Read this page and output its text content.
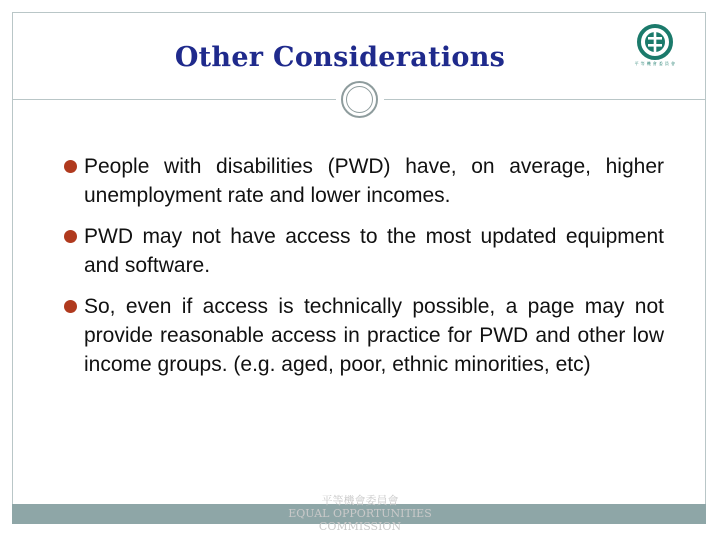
Other Considerations	平 等 機 會 委 員 會
People with disabilities (PWD) have, on average, higher unemployment rate and lower incomes.
PWD may not have access to the most updated equipment and software.
So, even if access is technically possible, a page may not provide reasonable access in practice for PWD and other low income groups. (e.g. aged, poor, ethnic minorities, etc)
平等機會委員會
EQUAL OPPORTUNITIES
COMMISSION
